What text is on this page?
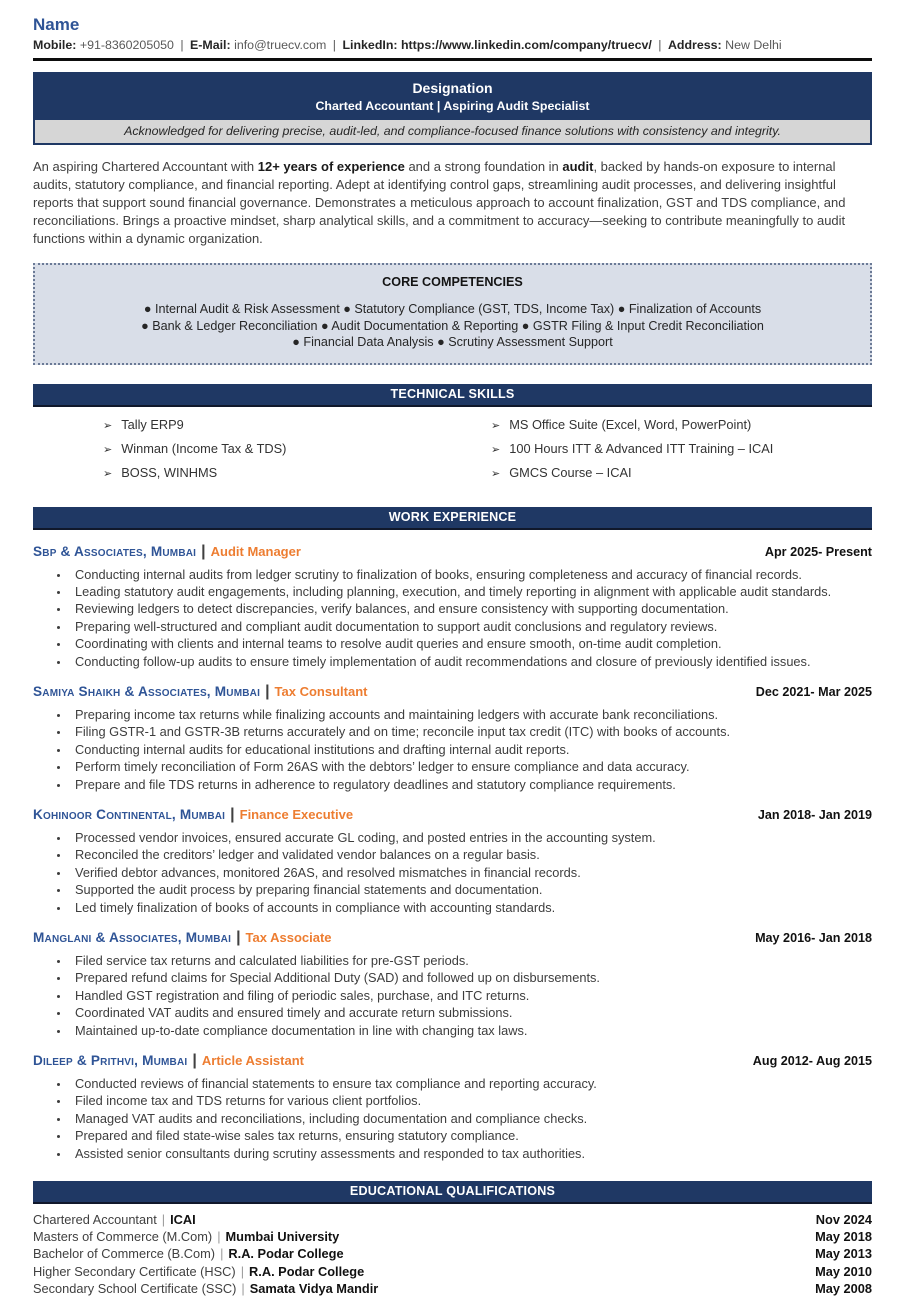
Name
Mobile: +91-8360205050 | E-Mail: info@truecv.com | LinkedIn: https://www.linkedin.com/company/truecv/ | Address: New Delhi
Designation
Charted Accountant | Aspiring Audit Specialist
Acknowledged for delivering precise, audit-led, and compliance-focused finance solutions with consistency and integrity.
An aspiring Chartered Accountant with 12+ years of experience and a strong foundation in audit, backed by hands-on exposure to internal audits, statutory compliance, and financial reporting. Adept at identifying control gaps, streamlining audit processes, and delivering insightful reports that support sound financial governance. Demonstrates a meticulous approach to account finalization, GST and TDS compliance, and reconciliations. Brings a proactive mindset, sharp analytical skills, and a commitment to accuracy—seeking to contribute meaningfully to audit functions within a dynamic organization.
CORE COMPETENCIES
● Internal Audit & Risk Assessment ● Statutory Compliance (GST, TDS, Income Tax) ● Finalization of Accounts
● Bank & Ledger Reconciliation ● Audit Documentation & Reporting ● GSTR Filing & Input Credit Reconciliation
● Financial Data Analysis ● Scrutiny Assessment Support
TECHNICAL SKILLS
➢ Tally ERP9
➢ Winman (Income Tax & TDS)
➢ BOSS, WINHMS
➢ MS Office Suite (Excel, Word, PowerPoint)
➢ 100 Hours ITT & Advanced ITT Training – ICAI
➢ GMCS Course – ICAI
WORK EXPERIENCE
Sbp & Associates, Mumbai | Audit Manager	Apr 2025- Present
• Conducting internal audits from ledger scrutiny to finalization of books, ensuring completeness and accuracy of financial records.
• Leading statutory audit engagements, including planning, execution, and timely reporting in alignment with applicable audit standards.
• Reviewing ledgers to detect discrepancies, verify balances, and ensure consistency with supporting documentation.
• Preparing well-structured and compliant audit documentation to support audit conclusions and regulatory reviews.
• Coordinating with clients and internal teams to resolve audit queries and ensure smooth, on-time audit completion.
• Conducting follow-up audits to ensure timely implementation of audit recommendations and closure of previously identified issues.
Samiya Shaikh & Associates, Mumbai | Tax Consultant	Dec 2021- Mar 2025
• Preparing income tax returns while finalizing accounts and maintaining ledgers with accurate bank reconciliations.
• Filing GSTR-1 and GSTR-3B returns accurately and on time; reconcile input tax credit (ITC) with books of accounts.
• Conducting internal audits for educational institutions and drafting internal audit reports.
• Perform timely reconciliation of Form 26AS with the debtors’ ledger to ensure compliance and data accuracy.
• Prepare and file TDS returns in adherence to regulatory deadlines and statutory compliance requirements.
Kohinoor Continental, Mumbai | Finance Executive	Jan 2018- Jan 2019
• Processed vendor invoices, ensured accurate GL coding, and posted entries in the accounting system.
• Reconciled the creditors’ ledger and validated vendor balances on a regular basis.
• Verified debtor advances, monitored 26AS, and resolved mismatches in financial records.
• Supported the audit process by preparing financial statements and documentation.
• Led timely finalization of books of accounts in compliance with accounting standards.
Manglani & Associates, Mumbai | Tax Associate	May 2016- Jan 2018
• Filed service tax returns and calculated liabilities for pre-GST periods.
• Prepared refund claims for Special Additional Duty (SAD) and followed up on disbursements.
• Handled GST registration and filing of periodic sales, purchase, and ITC returns.
• Coordinated VAT audits and ensured timely and accurate return submissions.
• Maintained up-to-date compliance documentation in line with changing tax laws.
Dileep & Prithvi, Mumbai | Article Assistant	Aug 2012- Aug 2015
• Conducted reviews of financial statements to ensure tax compliance and reporting accuracy.
• Filed income tax and TDS returns for various client portfolios.
• Managed VAT audits and reconciliations, including documentation and compliance checks.
• Prepared and filed state-wise sales tax returns, ensuring statutory compliance.
• Assisted senior consultants during scrutiny assessments and responded to tax authorities.
EDUCATIONAL QUALIFICATIONS
Chartered Accountant | ICAI	Nov 2024
Masters of Commerce (M.Com) | Mumbai University	May 2018
Bachelor of Commerce (B.Com) | R.A. Podar College	May 2013
Higher Secondary Certificate (HSC) | R.A. Podar College	May 2010
Secondary School Certificate (SSC) | Samata Vidya Mandir	May 2008
